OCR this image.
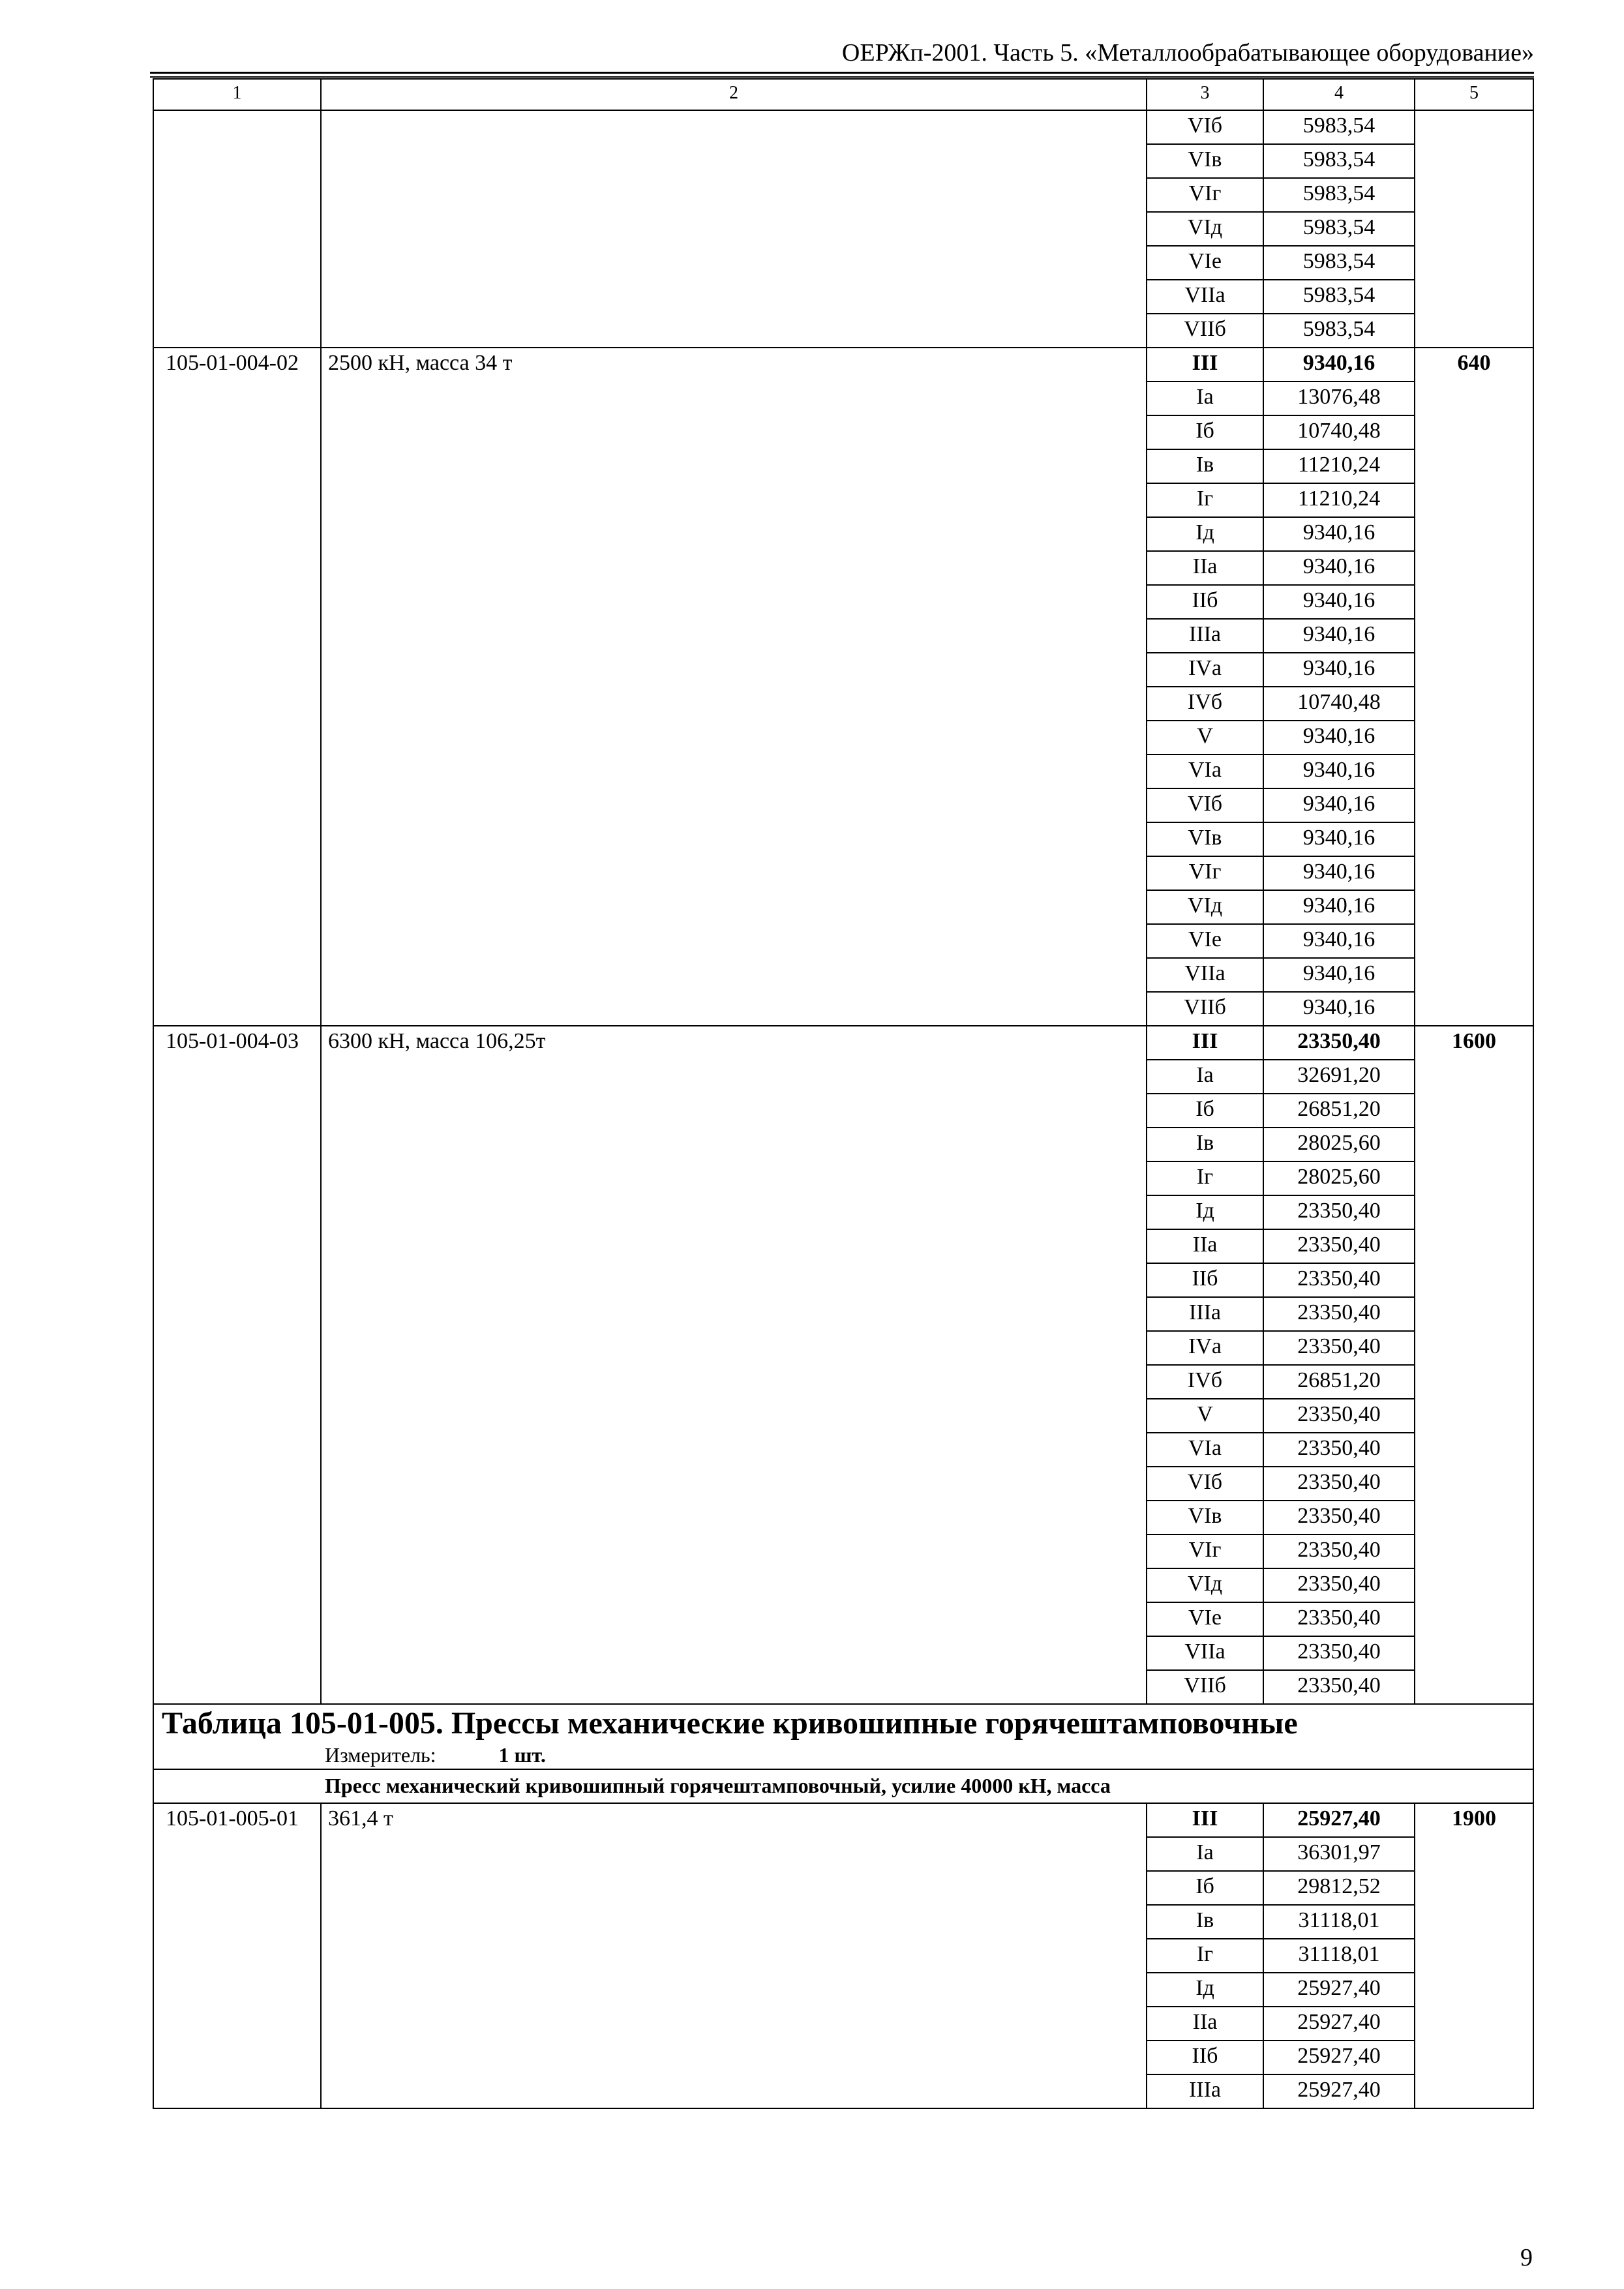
ОЕРЖп-2001. Часть 5. «Металлообрабатывающее оборудование»
1	2	3	4	5
		VIб	5983,54	
		VIв	5983,54	
		VIг	5983,54	
		VIд	5983,54	
		VIе	5983,54	
		VIIа	5983,54	
		VIIб	5983,54	
105-01-004-02	2500 кН, масса 34 т	III	9340,16	640
		Iа	13076,48	
		Iб	10740,48	
		Iв	11210,24	
		Iг	11210,24	
		Iд	9340,16	
		IIа	9340,16	
		IIб	9340,16	
		IIIа	9340,16	
		IVа	9340,16	
		IVб	10740,48	
		V	9340,16	
		VIа	9340,16	
		VIб	9340,16	
		VIв	9340,16	
		VIг	9340,16	
		VIд	9340,16	
		VIе	9340,16	
		VIIа	9340,16	
		VIIб	9340,16	
105-01-004-03	6300 кН, масса 106,25т	III	23350,40	1600
		Iа	32691,20	
		Iб	26851,20	
		Iв	28025,60	
		Iг	28025,60	
		Iд	23350,40	
		IIа	23350,40	
		IIб	23350,40	
		IIIа	23350,40	
		IVа	23350,40	
		IVб	26851,20	
		V	23350,40	
		VIа	23350,40	
		VIб	23350,40	
		VIв	23350,40	
		VIг	23350,40	
		VIд	23350,40	
		VIе	23350,40	
		VIIа	23350,40	
		VIIб	23350,40	
Таблица 105-01-005. Прессы механические кривошипные горячештамповочные				
Измеритель: 1 шт.				
Пресс механический кривошипный горячештамповочный, усилие 40000 кН, масса				
105-01-005-01	361,4 т	III	25927,40	1900
		Iа	36301,97	
		Iб	29812,52	
		Iв	31118,01	
		Iг	31118,01	
		Iд	25927,40	
		IIа	25927,40	
		IIб	25927,40	
		IIIа	25927,40	
9
